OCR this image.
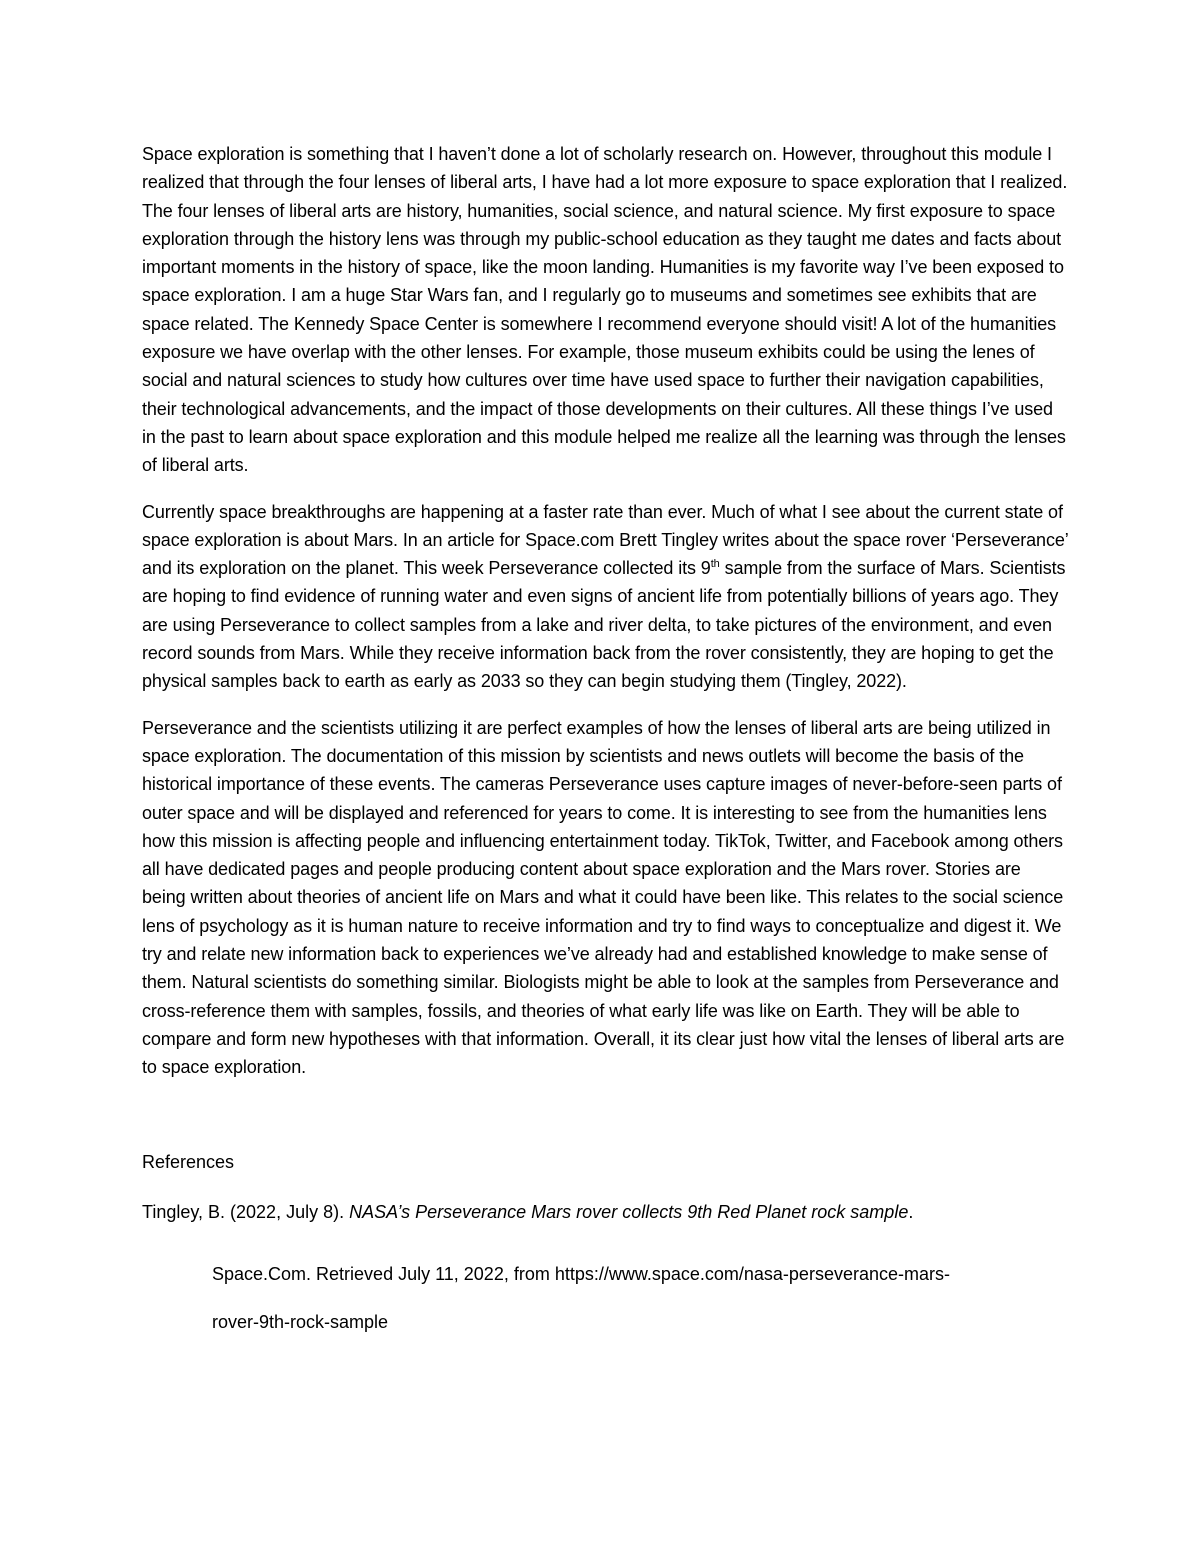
Space exploration is something that I haven’t done a lot of scholarly research on. However, throughout this module I realized that through the four lenses of liberal arts, I have had a lot more exposure to space exploration that I realized. The four lenses of liberal arts are history, humanities, social science, and natural science. My first exposure to space exploration through the history lens was through my public-school education as they taught me dates and facts about important moments in the history of space, like the moon landing. Humanities is my favorite way I’ve been exposed to space exploration. I am a huge Star Wars fan, and I regularly go to museums and sometimes see exhibits that are space related. The Kennedy Space Center is somewhere I recommend everyone should visit! A lot of the humanities exposure we have overlap with the other lenses. For example, those museum exhibits could be using the lenes of social and natural sciences to study how cultures over time have used space to further their navigation capabilities, their technological advancements, and the impact of those developments on their cultures. All these things I’ve used in the past to learn about space exploration and this module helped me realize all the learning was through the lenses of liberal arts.

Currently space breakthroughs are happening at a faster rate than ever. Much of what I see about the current state of space exploration is about Mars. In an article for Space.com Brett Tingley writes about the space rover ‘Perseverance’ and its exploration on the planet. This week Perseverance collected its 9th sample from the surface of Mars. Scientists are hoping to find evidence of running water and even signs of ancient life from potentially billions of years ago. They are using Perseverance to collect samples from a lake and river delta, to take pictures of the environment, and even record sounds from Mars. While they receive information back from the rover consistently, they are hoping to get the physical samples back to earth as early as 2033 so they can begin studying them (Tingley, 2022).

Perseverance and the scientists utilizing it are perfect examples of how the lenses of liberal arts are being utilized in space exploration. The documentation of this mission by scientists and news outlets will become the basis of the historical importance of these events. The cameras Perseverance uses capture images of never-before-seen parts of outer space and will be displayed and referenced for years to come. It is interesting to see from the humanities lens how this mission is affecting people and influencing entertainment today. TikTok, Twitter, and Facebook among others all have dedicated pages and people producing content about space exploration and the Mars rover. Stories are being written about theories of ancient life on Mars and what it could have been like. This relates to the social science lens of psychology as it is human nature to receive information and try to find ways to conceptualize and digest it. We try and relate new information back to experiences we’ve already had and established knowledge to make sense of them. Natural scientists do something similar. Biologists might be able to look at the samples from Perseverance and cross-reference them with samples, fossils, and theories of what early life was like on Earth. They will be able to compare and form new hypotheses with that information. Overall, it its clear just how vital the lenses of liberal arts are to space exploration.

References
Tingley, B. (2022, July 8). NASA’s Perseverance Mars rover collects 9th Red Planet rock sample.
Space.Com. Retrieved July 11, 2022, from https://www.space.com/nasa-perseverance-mars-
rover-9th-rock-sample
